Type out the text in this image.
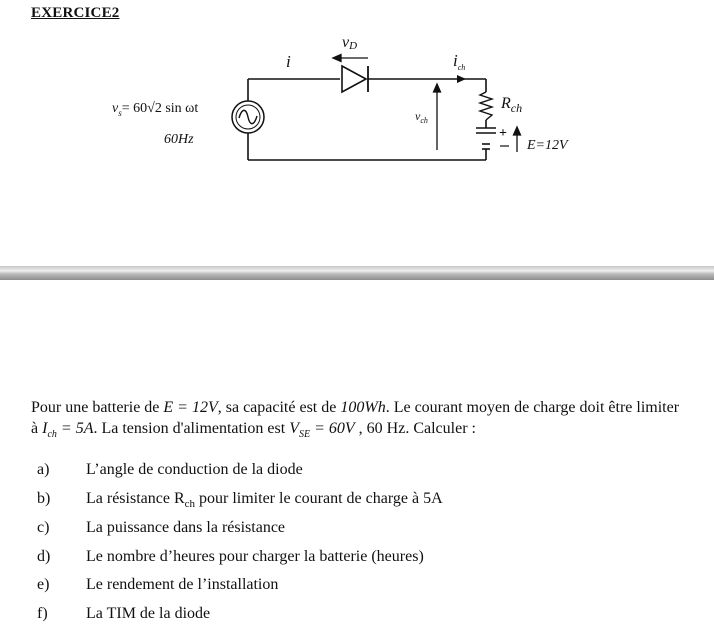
EXERCICE2
i
vD
$i_{ch}$
$R_{ch}$
$v_{ch}$
+
E=12V
$v_s= 60√2$ sin ωt
60Hz
Pour une batterie de E = 12V, sa capacité est de 100Wh. Le courant moyen de charge doit être limiter à $I_{ch} = 5A$. La tension d'alimentation est $V_{SE} = 60V$ , 60 Hz. Calculer :
a) L’angle de conduction de la diode
b) La résistance $R_{ch}$ pour limiter le courant de charge à 5A
c) La puissance dans la résistance
d) Le nombre d’heures pour charger la batterie (heures)
e) Le rendement de l’installation
f) La TIM de la diode
